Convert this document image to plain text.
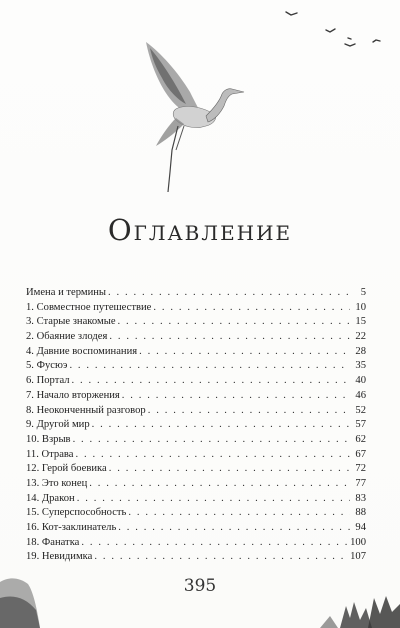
Оглавление
Имена и термины . . .	5
1. Совместное путешествие . . .	10
3. Старые знакомые . . .	15
2. Обаяние злодея . . .	22
4. Давние воспоминания . . .	28
5. Фусюэ . . .	35
6. Портал . . .	40
7. Начало вторжения . . .	46
8. Неоконченный разговор . . .	52
9. Другой мир . . .	57
10. Взрыв . . .	62
11. Отрава . . .	67
12. Герой боевика . . .	72
13. Это конец . . .	77
14. Дракон . . .	83
15. Суперспособность . . .	88
16. Кот-заклинатель . . .	94
18. Фанатка . . .	100
19. Невидимка . . .	107
395
